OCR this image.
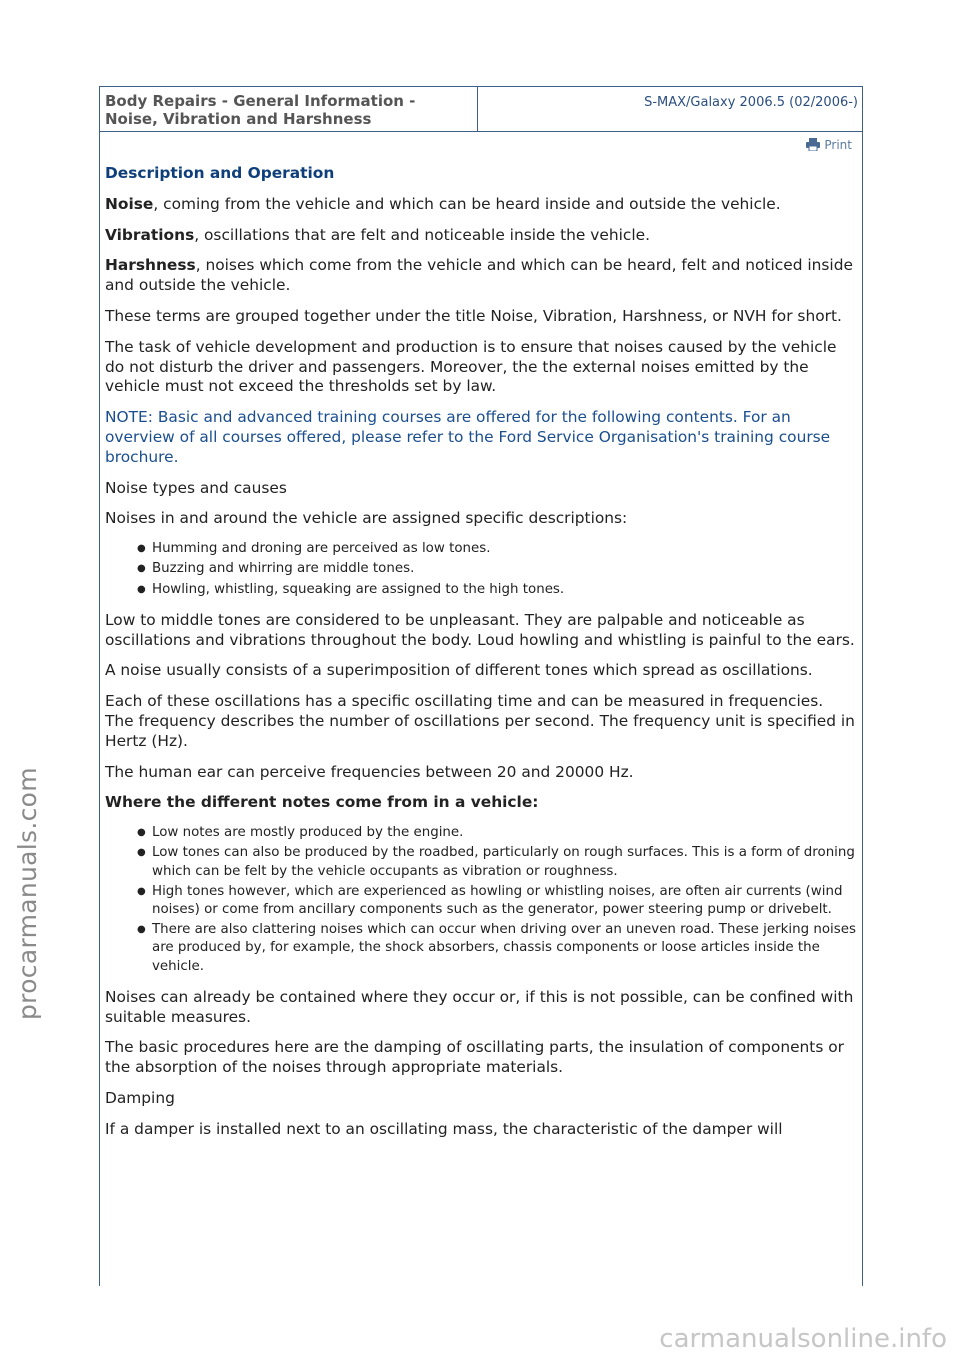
Body Repairs - General Information -
Noise, Vibration and Harshness
S-MAX/Galaxy 2006.5 (02/2006-)
Print

Description and Operation

Noise, coming from the vehicle and which can be heard inside and outside the vehicle.

Vibrations, oscillations that are felt and noticeable inside the vehicle.

Harshness, noises which come from the vehicle and which can be heard, felt and noticed inside and outside the vehicle.

These terms are grouped together under the title Noise, Vibration, Harshness, or NVH for short.

The task of vehicle development and production is to ensure that noises caused by the vehicle do not disturb the driver and passengers. Moreover, the the external noises emitted by the vehicle must not exceed the thresholds set by law.

NOTE: Basic and advanced training courses are offered for the following contents. For an overview of all courses offered, please refer to the Ford Service Organisation's training course brochure.

Noise types and causes

Noises in and around the vehicle are assigned specific descriptions:

● Humming and droning are perceived as low tones.
● Buzzing and whirring are middle tones.
● Howling, whistling, squeaking are assigned to the high tones.

Low to middle tones are considered to be unpleasant. They are palpable and noticeable as oscillations and vibrations throughout the body. Loud howling and whistling is painful to the ears.

A noise usually consists of a superimposition of different tones which spread as oscillations.

Each of these oscillations has a specific oscillating time and can be measured in frequencies. The frequency describes the number of oscillations per second. The frequency unit is specified in Hertz (Hz).

The human ear can perceive frequencies between 20 and 20000 Hz.

Where the different notes come from in a vehicle:

● Low notes are mostly produced by the engine.
● Low tones can also be produced by the roadbed, particularly on rough surfaces. This is a form of droning which can be felt by the vehicle occupants as vibration or roughness.
● High tones however, which are experienced as howling or whistling noises, are often air currents (wind noises) or come from ancillary components such as the generator, power steering pump or drivebelt.
● There are also clattering noises which can occur when driving over an uneven road. These jerking noises are produced by, for example, the shock absorbers, chassis components or loose articles inside the vehicle.

Noises can already be contained where they occur or, if this is not possible, can be confined with suitable measures.

The basic procedures here are the damping of oscillating parts, the insulation of components or the absorption of the noises through appropriate materials.

Damping

If a damper is installed next to an oscillating mass, the characteristic of the damper will

procarmanuals.com
carmanualsonline.info
